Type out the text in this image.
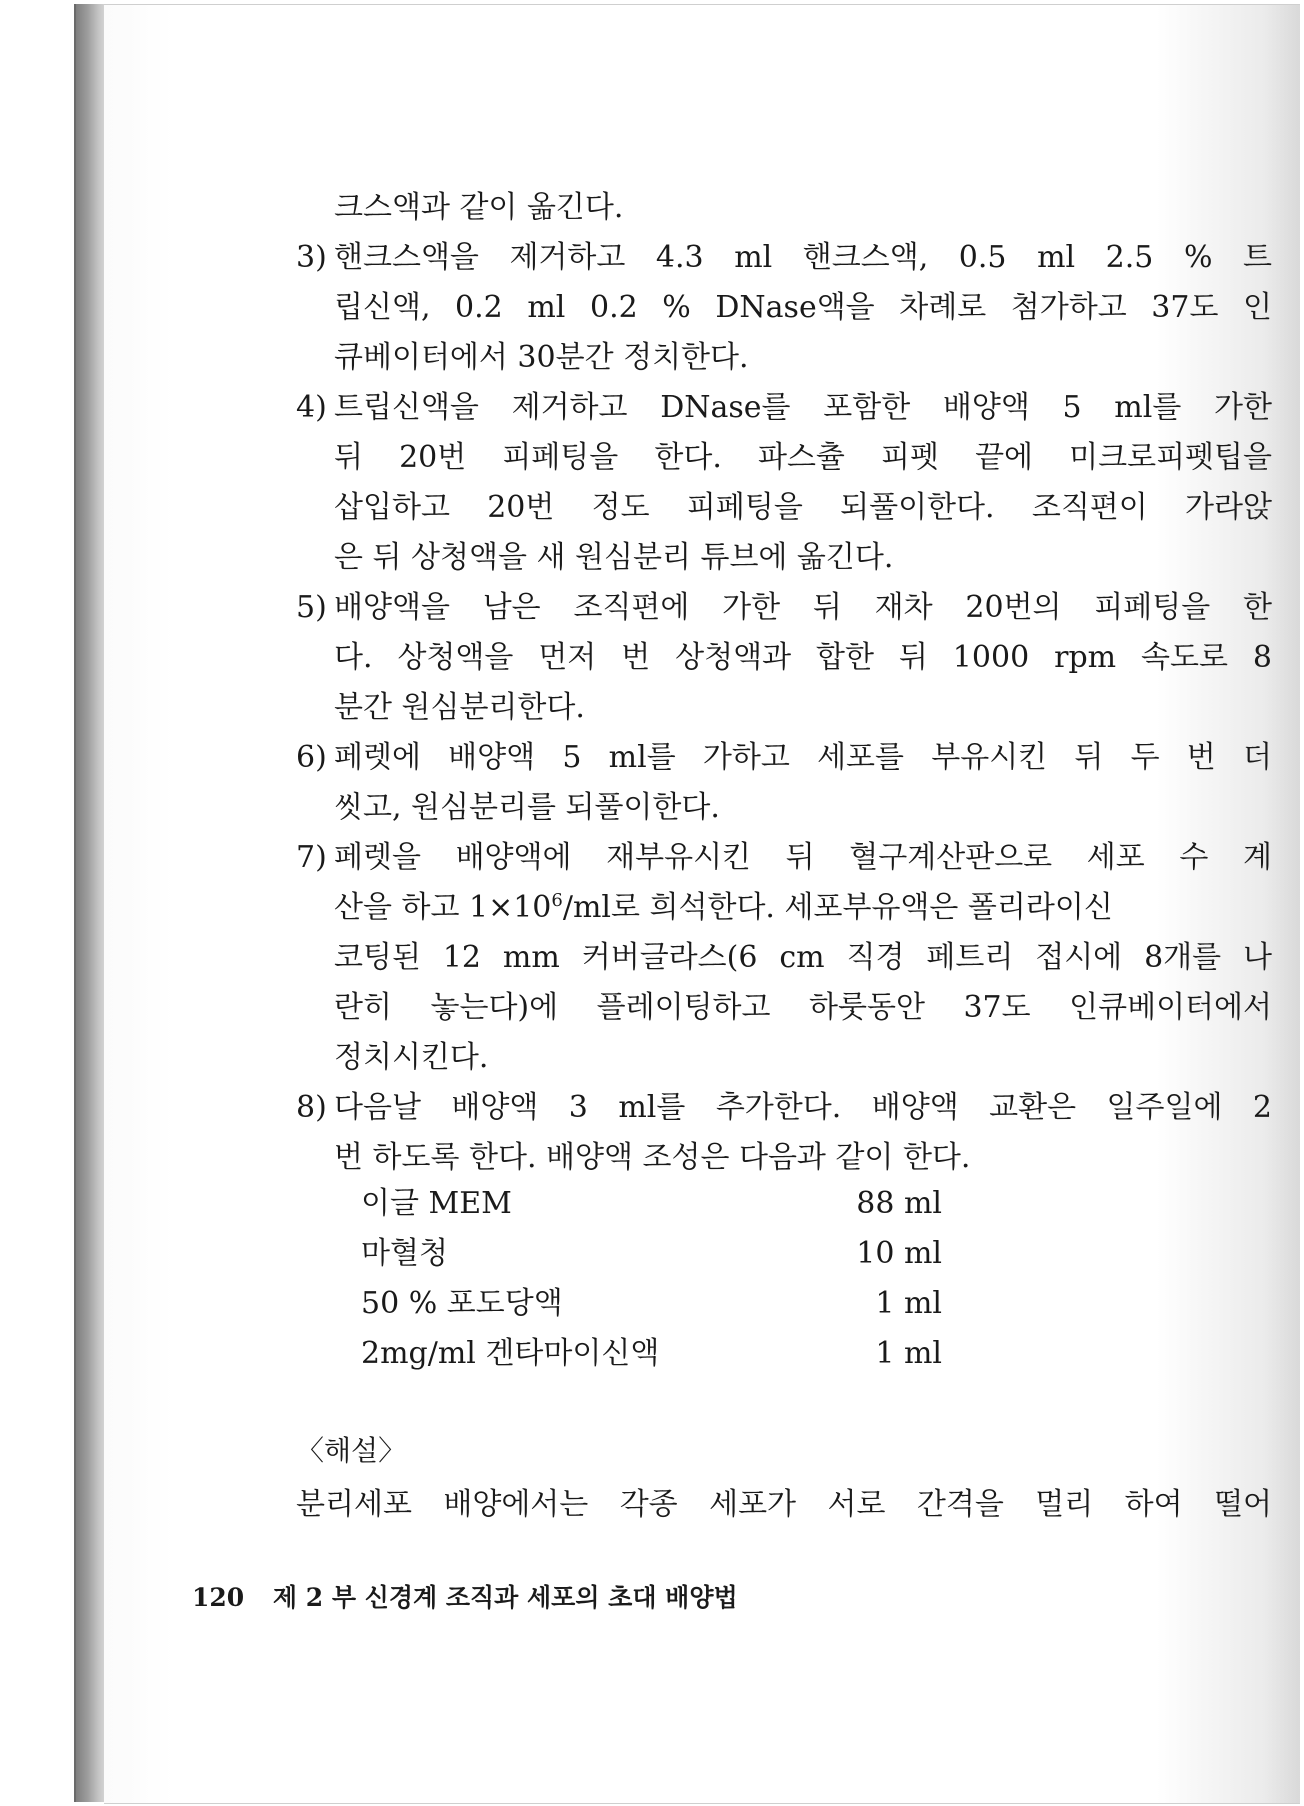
크스액과 같이 옮긴다.
3) 핸크스액을 제거하고 4.3 ml 핸크스액, 0.5 ml 2.5 % 트
립신액, 0.2 ml 0.2 % DNase액을 차례로 첨가하고 37도 인
큐베이터에서 30분간 정치한다.
4) 트립신액을 제거하고 DNase를 포함한 배양액 5 ml를 가한
뒤 20번 피페팅을 한다. 파스츌 피펫 끝에 미크로피펫팁을
삽입하고 20번 정도 피페팅을 되풀이한다. 조직편이 가라앉
은 뒤 상청액을 새 원심분리 튜브에 옮긴다.
5) 배양액을 남은 조직편에 가한 뒤 재차 20번의 피페팅을 한
다. 상청액을 먼저 번 상청액과 합한 뒤 1000 rpm 속도로 8
분간 원심분리한다.
6) 페렛에 배양액 5 ml를 가하고 세포를 부유시킨 뒤 두 번 더
씻고, 원심분리를 되풀이한다.
7) 페렛을 배양액에 재부유시킨 뒤 혈구계산판으로 세포 수 계
산을 하고 $1\times 10^6/ml$로 희석한다. 세포부유액은 폴리라이신
코팅된 12 mm 커버글라스(6 cm 직경 페트리 접시에 8개를 나
란히 놓는다)에 플레이팅하고 하룻동안 37도 인큐베이터에서
정치시킨다.
8) 다음날 배양액 3 ml를 추가한다. 배양액 교환은 일주일에 2
번 하도록 한다. 배양액 조성은 다음과 같이 한다.
이글 MEM	88 ml
마혈청	10 ml
50 % 포도당액	1 ml
2mg/ml 겐타마이신액	1 ml
〈해설〉
분리세포 배양에서는 각종 세포가 서로 간격을 멀리 하여 떨어
120 제 2 부 신경계 조직과 세포의 초대 배양법
